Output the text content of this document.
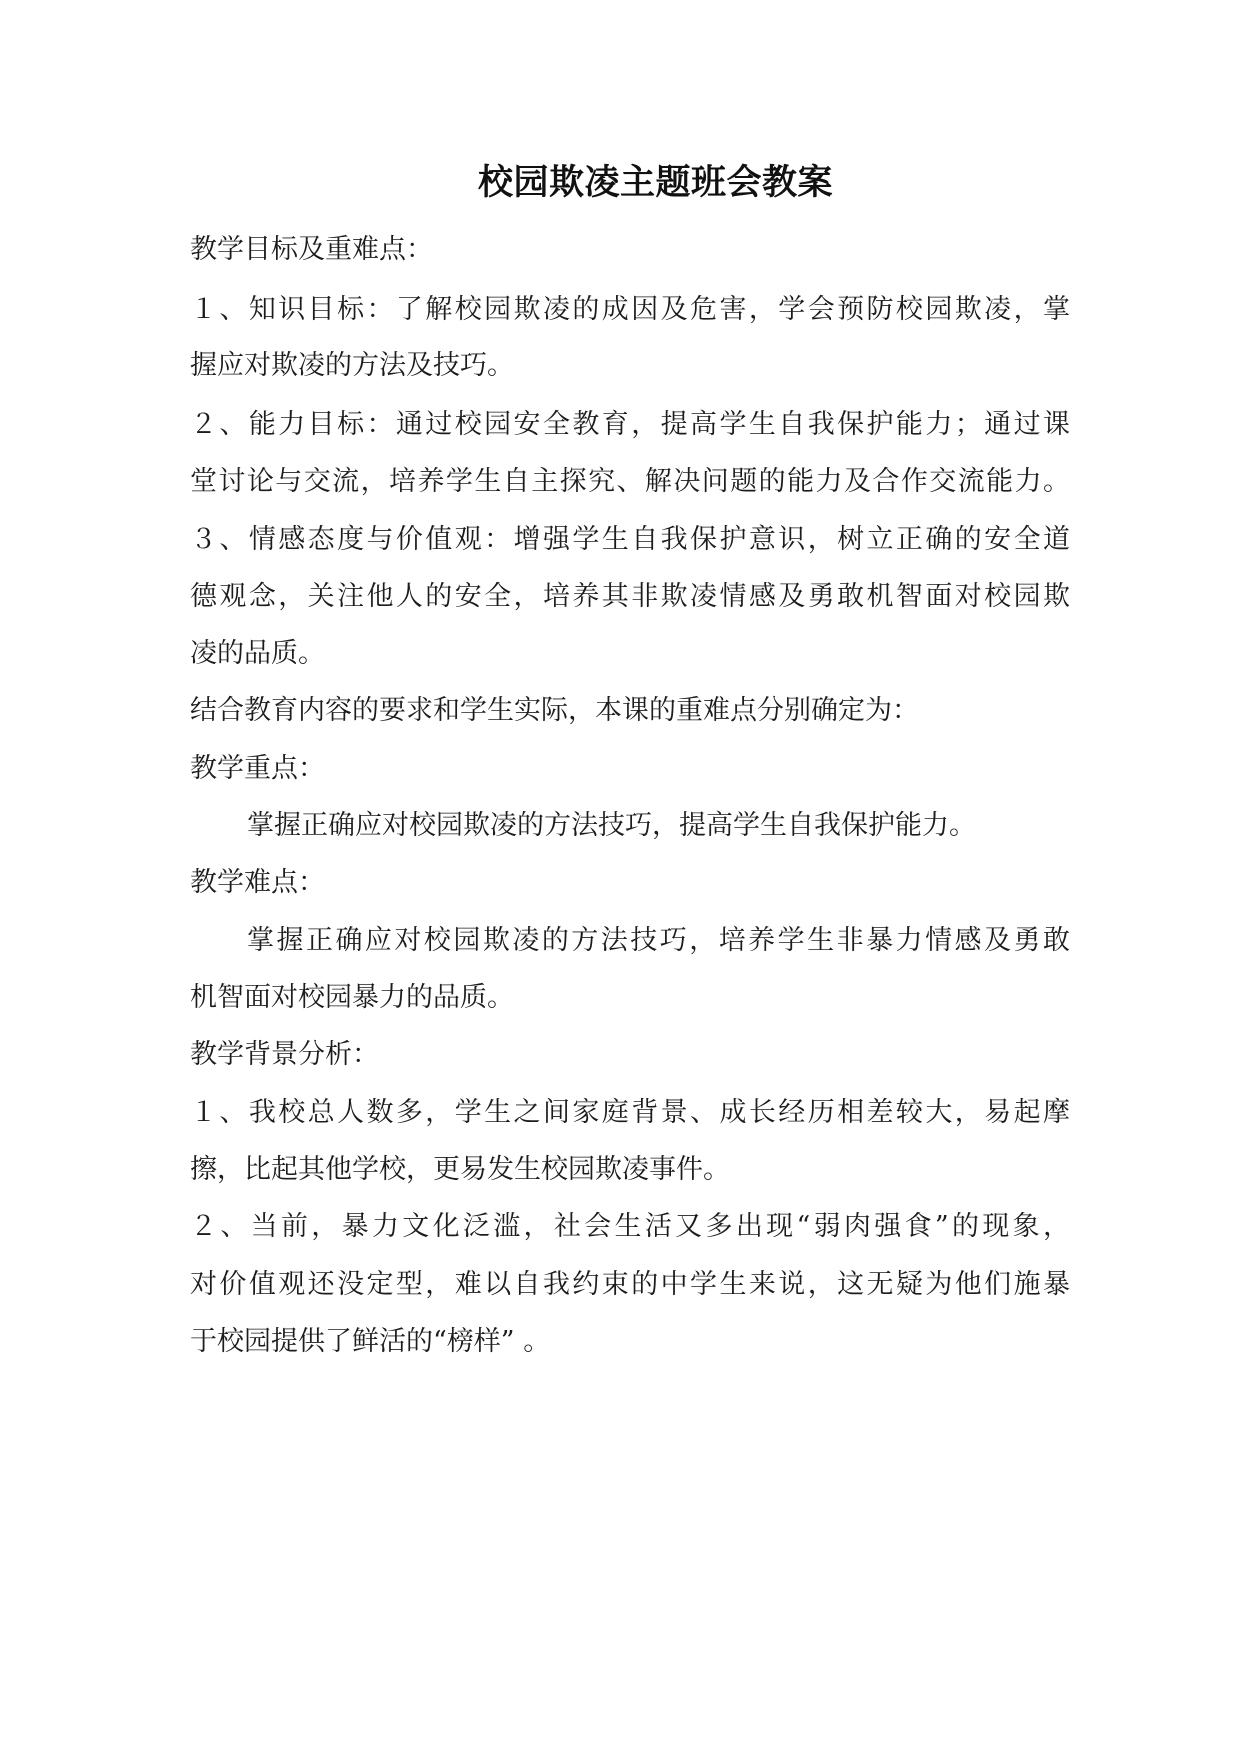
校园欺凌主题班会教案
教学目标及重难点：
１、知识目标：了解校园欺凌的成因及危害，学会预防校园欺凌，掌
握应对欺凌的方法及技巧。
２、能力目标：通过校园安全教育，提高学生自我保护能力；通过课
堂讨论与交流，培养学生自主探究、解决问题的能力及合作交流能力。
３、情感态度与价值观：增强学生自我保护意识，树立正确的安全道
德观念，关注他人的安全，培养其非欺凌情感及勇敢机智面对校园欺
凌的品质。
结合教育内容的要求和学生实际，本课的重难点分别确定为：
教学重点：
掌握正确应对校园欺凌的方法技巧，提高学生自我保护能力。
教学难点：
掌握正确应对校园欺凌的方法技巧，培养学生非暴力情感及勇敢
机智面对校园暴力的品质。
教学背景分析：
１、我校总人数多，学生之间家庭背景、成长经历相差较大，易起摩
擦，比起其他学校，更易发生校园欺凌事件。
２、当前，暴力文化泛滥，社会生活又多出现“弱肉强食”的现象，
对价值观还没定型，难以自我约束的中学生来说，这无疑为他们施暴
于校园提供了鲜活的“榜样” 。
